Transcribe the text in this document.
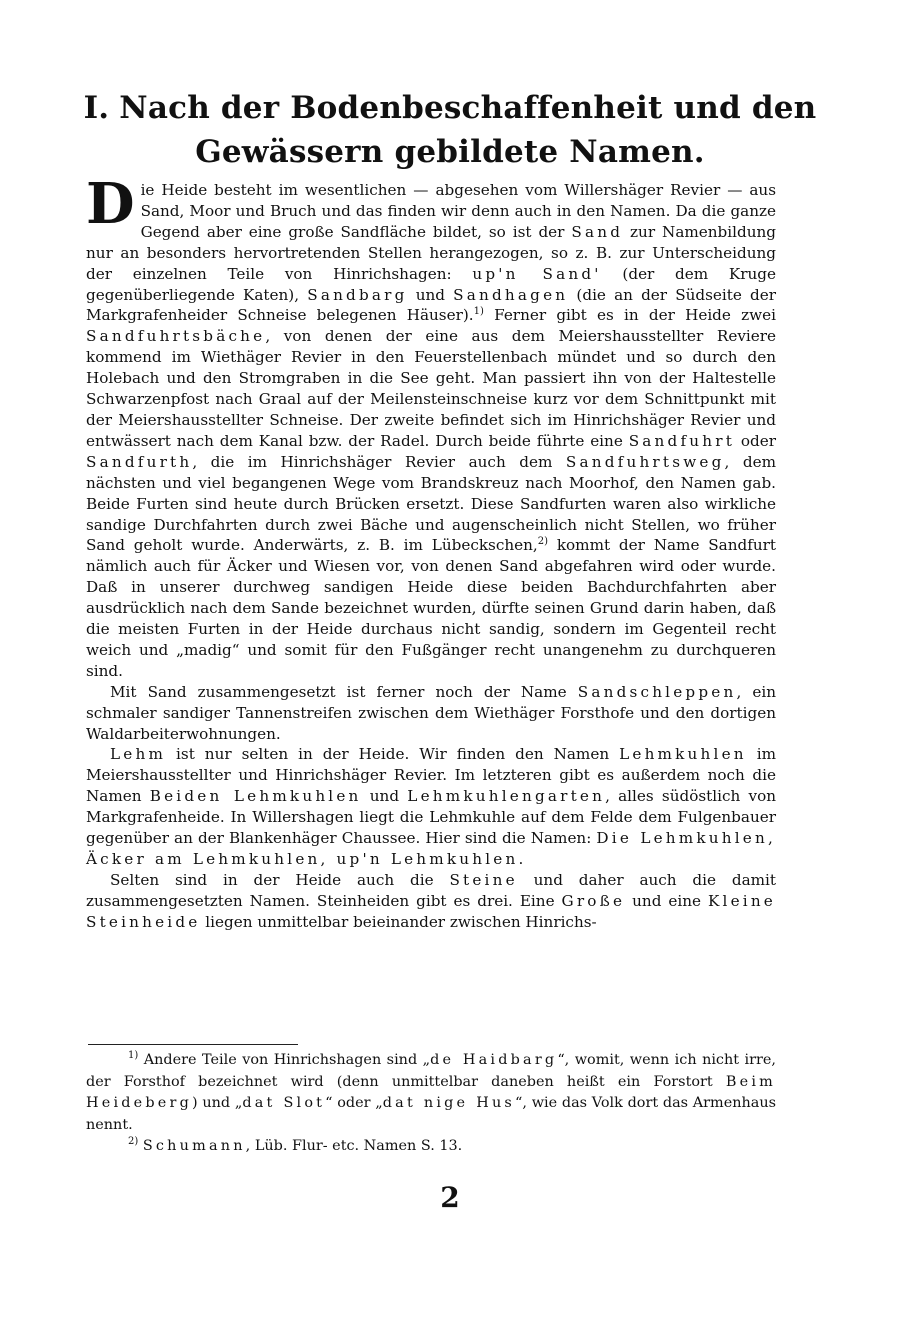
I. Nach der Bodenbeschaffenheit und den Gewässern gebildete Namen.

Die Heide besteht im wesentlichen — abgesehen vom Willershäger Revier — aus Sand, Moor und Bruch und das finden wir denn auch in den Namen. Da die ganze Gegend aber eine große Sandfläche bildet, so ist der Sand zur Namenbildung nur an besonders hervortretenden Stellen herangezogen, so z. B. zur Unterscheidung der einzelnen Teile von Hinrichshagen: up'n Sand' (der dem Kruge gegenüberliegende Katen), Sandbarg und Sandhagen (die an der Südseite der Markgrafenheider Schneise belegenen Häuser).$^{1)}$ Ferner gibt es in der Heide zwei Sandfuhrtsbäche, von denen der eine aus dem Meiershausstellter Reviere kommend im Wiethäger Revier in den Feuerstellenbach mündet und so durch den Holebach und den Stromgraben in die See geht. Man passiert ihn von der Haltestelle Schwarzenpfost nach Graal auf der Meilensteinschneise kurz vor dem Schnittpunkt mit der Meiershausstellter Schneise. Der zweite befindet sich im Hinrichshäger Revier und entwässert nach dem Kanal bzw. der Radel. Durch beide führte eine Sandfuhrt oder Sandfurth, die im Hinrichshäger Revier auch dem Sandfuhrtsweg, dem nächsten und viel begangenen Wege vom Brandskreuz nach Moorhof, den Namen gab. Beide Furten sind heute durch Brücken ersetzt. Diese Sandfurten waren also wirkliche sandige Durchfahrten durch zwei Bäche und augenscheinlich nicht Stellen, wo früher Sand geholt wurde. Anderwärts, z. B. im Lübeckschen,$^{2)}$ kommt der Name Sandfurt nämlich auch für Äcker und Wiesen vor, von denen Sand abgefahren wird oder wurde. Daß in unserer durchweg sandigen Heide diese beiden Bachdurchfahrten aber ausdrücklich nach dem Sande bezeichnet wurden, dürfte seinen Grund darin haben, daß die meisten Furten in der Heide durchaus nicht sandig, sondern im Gegenteil recht weich und „madig“ und somit für den Fußgänger recht unangenehm zu durchqueren sind.

Mit Sand zusammengesetzt ist ferner noch der Name Sandschleppen, ein schmaler sandiger Tannenstreifen zwischen dem Wiethäger Forsthofe und den dortigen Waldarbeiterwohnungen.

Lehm ist nur selten in der Heide. Wir finden den Namen Lehmkuhlen im Meiershausstellter und Hinrichshäger Revier. Im letzteren gibt es außerdem noch die Namen Beiden Lehmkuhlen und Lehmkuhlengarten, alles südöstlich von Markgrafenheide. In Willershagen liegt die Lehmkuhle auf dem Felde dem Fulgenbauer gegenüber an der Blankenhäger Chaussee. Hier sind die Namen: Die Lehmkuhlen, Äcker am Lehmkuhlen, up'n Lehmkuhlen.

Selten sind in der Heide auch die Steine und daher auch die damit zusammengesetzten Namen. Steinheiden gibt es drei. Eine Große und eine Kleine Steinheide liegen unmittelbar beieinander zwischen Hinrichs-

$^{1)}$ Andere Teile von Hinrichshagen sind „de Haidbarg“, womit, wenn ich nicht irre, der Forsthof bezeichnet wird (denn unmittelbar daneben heißt ein Forstort Beim Heideberg) und „dat Slot“ oder „dat nige Hus“, wie das Volk dort das Armenhaus nennt.

$^{2)}$ Schumann, Lüb. Flur- etc. Namen S. 13.

2
